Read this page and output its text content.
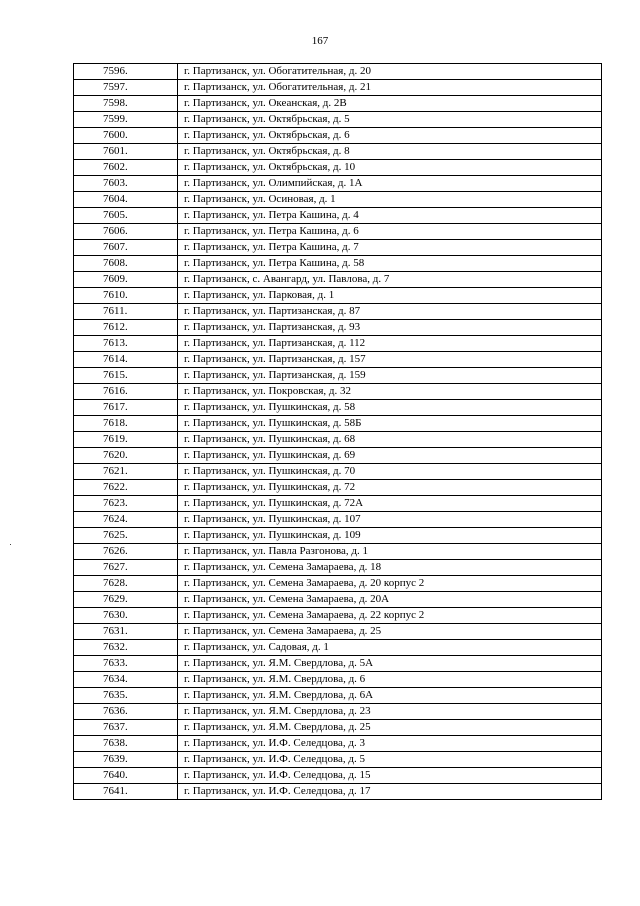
167
7596.	г. Партизанск, ул. Обогатительная, д. 20
7597.	г. Партизанск, ул. Обогатительная, д. 21
7598.	г. Партизанск, ул. Океанская, д. 2В
7599.	г. Партизанск, ул. Октябрьская, д. 5
7600.	г. Партизанск, ул. Октябрьская, д. 6
7601.	г. Партизанск, ул. Октябрьская, д. 8
7602.	г. Партизанск, ул. Октябрьская, д. 10
7603.	г. Партизанск, ул. Олимпийская, д. 1А
7604.	г. Партизанск, ул. Осиновая, д. 1
7605.	г. Партизанск, ул. Петра Кашина, д. 4
7606.	г. Партизанск, ул. Петра Кашина, д. 6
7607.	г. Партизанск, ул. Петра Кашина, д. 7
7608.	г. Партизанск, ул. Петра Кашина, д. 58
7609.	г. Партизанск, с. Авангард, ул. Павлова, д. 7
7610.	г. Партизанск, ул. Парковая, д. 1
7611.	г. Партизанск, ул. Партизанская, д. 87
7612.	г. Партизанск, ул. Партизанская, д. 93
7613.	г. Партизанск, ул. Партизанская, д. 112
7614.	г. Партизанск, ул. Партизанская, д. 157
7615.	г. Партизанск, ул. Партизанская, д. 159
7616.	г. Партизанск, ул. Покровская, д. 32
7617.	г. Партизанск, ул. Пушкинская, д. 58
7618.	г. Партизанск, ул. Пушкинская, д. 58Б
7619.	г. Партизанск, ул. Пушкинская, д. 68
7620.	г. Партизанск, ул. Пушкинская, д. 69
7621.	г. Партизанск, ул. Пушкинская, д. 70
7622.	г. Партизанск, ул. Пушкинская, д. 72
7623.	г. Партизанск, ул. Пушкинская, д. 72А
7624.	г. Партизанск, ул. Пушкинская, д. 107
7625.	г. Партизанск, ул. Пушкинская, д. 109
7626.	г. Партизанск, ул. Павла Разгонова, д. 1
7627.	г. Партизанск, ул. Семена Замараева, д. 18
7628.	г. Партизанск, ул. Семена Замараева, д. 20 корпус 2
7629.	г. Партизанск, ул. Семена Замараева, д. 20А
7630.	г. Партизанск, ул. Семена Замараева, д. 22 корпус 2
7631.	г. Партизанск, ул. Семена Замараева, д. 25
7632.	г. Партизанск, ул. Садовая, д. 1
7633.	г. Партизанск, ул. Я.М. Свердлова, д. 5А
7634.	г. Партизанск, ул. Я.М. Свердлова, д. 6
7635.	г. Партизанск, ул. Я.М. Свердлова, д. 6А
7636.	г. Партизанск, ул. Я.М. Свердлова, д. 23
7637.	г. Партизанск, ул. Я.М. Свердлова, д. 25
7638.	г. Партизанск, ул. И.Ф. Селедцова, д. 3
7639.	г. Партизанск, ул. И.Ф. Селедцова, д. 5
7640.	г. Партизанск, ул. И.Ф. Селедцова, д. 15
7641.	г. Партизанск, ул. И.Ф. Селедцова, д. 17
